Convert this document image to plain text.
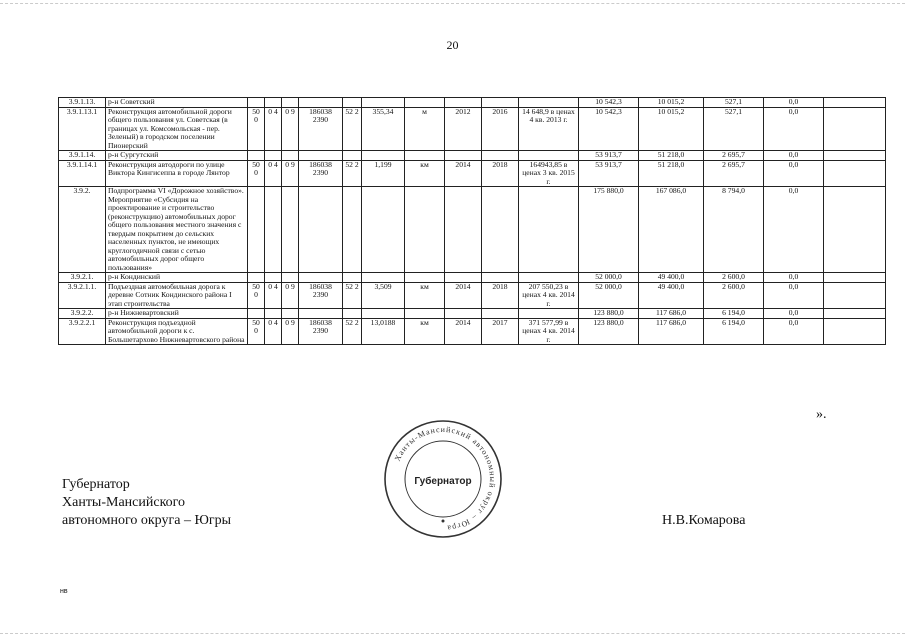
20
3.9.1.13.	р-н Советский											10 542,3	10 015,2	527,1	0,0	
3.9.1.13.1	Реконструкция автомобильной дороги общего пользования ул. Советская (в границах ул. Комсомольская - пер. Зеленый) в городском поселении Пионерский	50 0	0 4	0 9	186038 2390	52 2	355,34	м	2012	2016	14 648,9 в ценах 4 кв. 2013 г.	10 542,3	10 015,2	527,1	0,0	
3.9.1.14.	р-н Сургутский											53 913,7	51 218,0	2 695,7	0,0	
3.9.1.14.1	Реконструкция автодороги по улице Виктора Кингисеппа в городе Лянтор	50 0	0 4	0 9	186038 2390	52 2	1,199	км	2014	2018	164943,85 в ценах 3 кв. 2015 г.	53 913,7	51 218,0	2 695,7	0,0	
3.9.2.	Подпрограмма VI «Дорожное хозяйство». Мероприятие «Субсидия на проектирование и строительство (реконструкцию) автомобильных дорог общего пользования местного значения с твердым покрытием до сельских населенных пунктов, не имеющих круглогодичной связи с сетью автомобильных дорог общего пользования»											175 880,0	167 086,0	8 794,0	0,0	
3.9.2.1.	р-н Кондинский											52 000,0	49 400,0	2 600,0	0,0	
3.9.2.1.1.	Подъездная автомобильная дорога к деревне Сотник Кондинского района I этап строительства	50 0	0 4	0 9	186038 2390	52 2	3,509	км	2014	2018	207 550,23 в ценах 4 кв. 2014 г.	52 000,0	49 400,0	2 600,0	0,0	
3.9.2.2.	р-н Нижневартовский											123 880,0	117 686,0	6 194,0	0,0	
3.9.2.2.1	Реконструкция подъездной автомобильной дороги к с. Большетархово Нижневартовского района	50 0	0 4	0 9	186038 2390	52 2	13,0188	км	2014	2017	371 577,99 в ценах 4 кв. 2014 г.	123 880,0	117 686,0	6 194,0	0,0	
».
Губернатор
Ханты-Мансийского
автономного округа – Югры
Ханты-Мансийский автономный округ – Югра
Губернатор
Н.В.Комарова
нв
